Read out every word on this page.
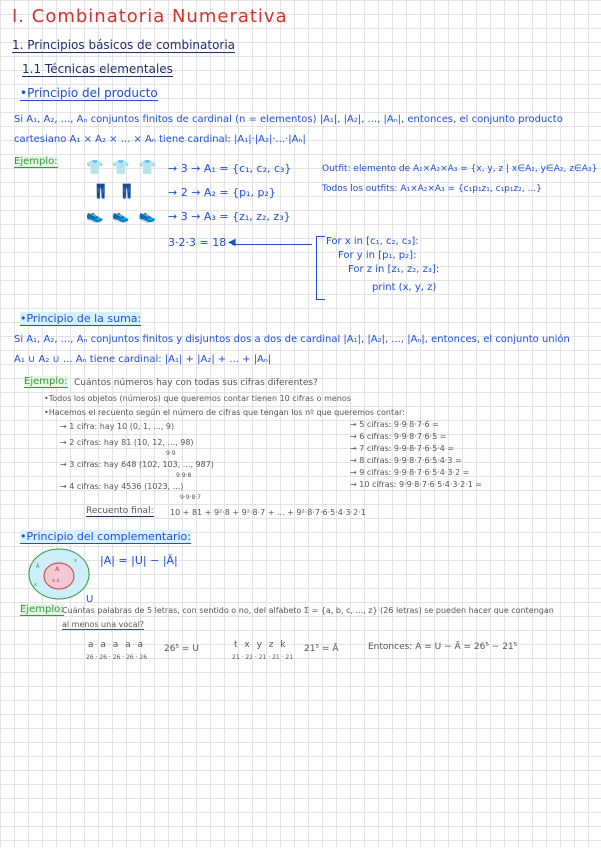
I. Combinatoria Numerativa
1. Principios básicos de combinatoria
1.1 Técnicas elementales
•Principio del producto
Si A₁, A₂, ..., Aₙ conjuntos finitos de cardinal (n = elementos) |A₁|, |A₂|, ..., |Aₙ|, entonces, el conjunto producto
cartesiano A₁ × A₂ × ... × Aₙ tiene cardinal: |A₁|·|A₂|·...·|Aₙ|
Ejemplo: 👕  👕  👕
👖  👖
👟  👟  👟
→ 3 → A₁ = {c₁, c₂, c₃}
→ 2 → A₂ = {p₁, p₂}
→ 3 → A₃ = {z₁, z₂, z₃}
Outfit: elemento de A₁×A₂×A₃ = {x, y, z | x∈A₁, y∈A₂, z∈A₃}
Todos los outfits: A₁×A₂×A₃ = {c₁p₁z₁, c₁p₁z₂, ...}
3·2·3 = 18 ◀	For x in [c₁, c₂, c₃]:
For y in [p₁, p₂]:
For z in [z₁, z₂, z₃]:
print (x, y, z)
•Principio de la suma:
Si A₁, A₂, ..., Aₙ conjuntos finitos y disjuntos dos a dos de cardinal |A₁|, |A₂|, ..., |Aₙ|, entonces, el conjunto unión
A₁ ∪ A₂ ∪ ... Aₙ tiene cardinal: |A₁| + |A₂| + ... + |Aₙ|
Ejemplo: Cuántos números hay con todas sus cifras diferentes?
•Todos los objetos (números) que queremos contar tienen 10 cifras o menos
•Hacemos el recuento según el número de cifras que tengan los nº que queremos contar:
→ 1 cifra: hay 10 (0, 1, ..., 9)
→ 2 cifras: hay 81 (10, 12, ..., 98)
9·9
→ 3 cifras: hay 648 (102, 103, ..., 987)
9·9·8
→ 4 cifras: hay 4536 (1023, ...)
9·9·8·7
→ 5 cifras: 9·9·8·7·6 =
→ 6 cifras: 9·9·8·7·6·5 =
→ 7 cifras: 9·9·8·7·6·5·4 =
→ 8 cifras: 9·9·8·7·6·5·4·3 =
→ 9 cifras: 9·9·8·7·6·5·4·3·2 =
→ 10 cifras: 9·9·8·7·6·5·4·3·2·1 =
Recuento final: 10 + 81 + 9²·8 + 9²·8·7 + ... + 9²·8·7·6·5·4·3·2·1
•Principio del complementario:
A
Ā
x x
x
x
U
|A| = |U| − |Ā|
Ejemplo:
Cuántas palabras de 5 letras, con sentido o no, del alfabeto Σ = {a, b, c, ..., z} (26 letras) se pueden hacer que contengan
al menos una vocal?
a a a a a
26 · 26 · 26 · 26 · 26
26⁵ = U	t x y z k
21 · 21 · 21 · 21 · 21
21⁵ = Ā	Entonces: A = U − Ā = 26⁵ − 21⁵
